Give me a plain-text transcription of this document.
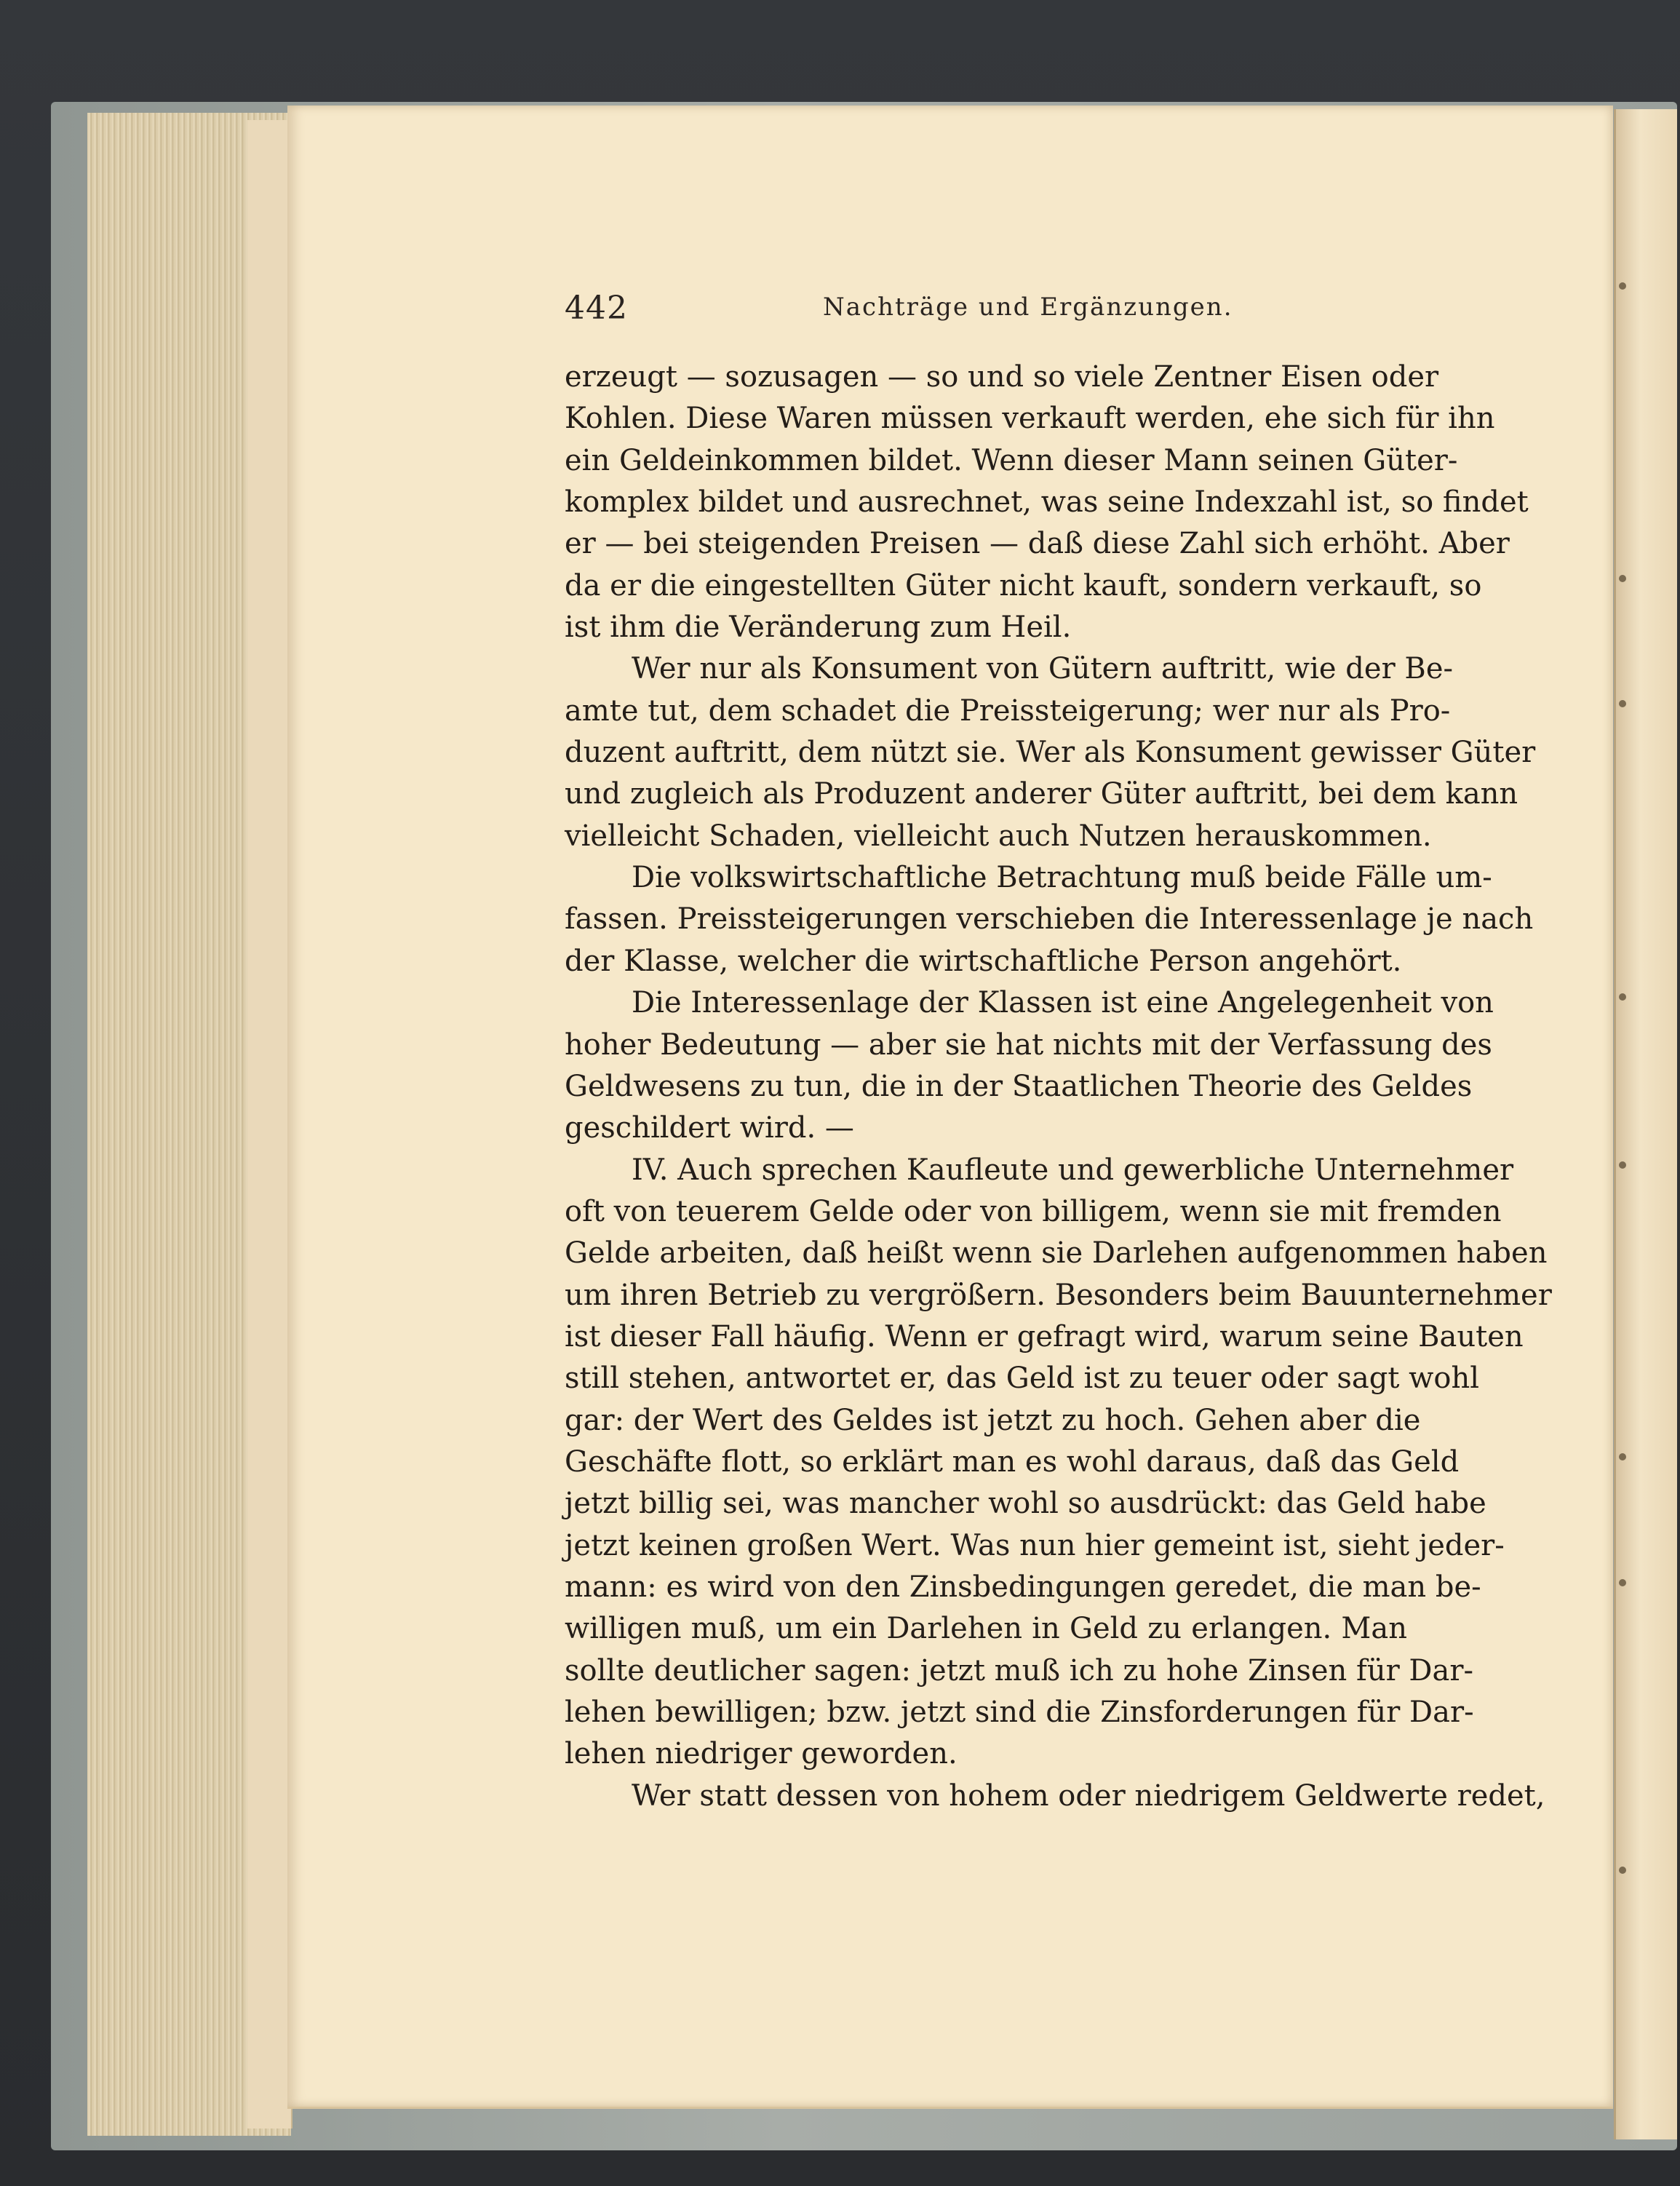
442	Nachträge und Ergänzungen.
erzeugt — sozusagen — so und so viele Zentner Eisen oder
Kohlen. Diese Waren müssen verkauft werden, ehe sich für ihn
ein Geldeinkommen bildet. Wenn dieser Mann seinen Güter-
komplex bildet und ausrechnet, was seine Indexzahl ist, so findet
er — bei steigenden Preisen — daß diese Zahl sich erhöht. Aber
da er die eingestellten Güter nicht kauft, sondern verkauft, so
ist ihm die Veränderung zum Heil.
Wer nur als Konsument von Gütern auftritt, wie der Be-
amte tut, dem schadet die Preissteigerung; wer nur als Pro-
duzent auftritt, dem nützt sie. Wer als Konsument gewisser Güter
und zugleich als Produzent anderer Güter auftritt, bei dem kann
vielleicht Schaden, vielleicht auch Nutzen herauskommen.
Die volkswirtschaftliche Betrachtung muß beide Fälle um-
fassen. Preissteigerungen verschieben die Interessenlage je nach
der Klasse, welcher die wirtschaftliche Person angehört.
Die Interessenlage der Klassen ist eine Angelegenheit von
hoher Bedeutung — aber sie hat nichts mit der Verfassung des
Geldwesens zu tun, die in der Staatlichen Theorie des Geldes
geschildert wird. —
IV. Auch sprechen Kaufleute und gewerbliche Unternehmer
oft von teuerem Gelde oder von billigem, wenn sie mit fremden
Gelde arbeiten, daß heißt wenn sie Darlehen aufgenommen haben
um ihren Betrieb zu vergrößern. Besonders beim Bauunternehmer
ist dieser Fall häufig. Wenn er gefragt wird, warum seine Bauten
still stehen, antwortet er, das Geld ist zu teuer oder sagt wohl
gar: der Wert des Geldes ist jetzt zu hoch. Gehen aber die
Geschäfte flott, so erklärt man es wohl daraus, daß das Geld
jetzt billig sei, was mancher wohl so ausdrückt: das Geld habe
jetzt keinen großen Wert. Was nun hier gemeint ist, sieht jeder-
mann: es wird von den Zinsbedingungen geredet, die man be-
willigen muß, um ein Darlehen in Geld zu erlangen. Man
sollte deutlicher sagen: jetzt muß ich zu hohe Zinsen für Dar-
lehen bewilligen; bzw. jetzt sind die Zinsforderungen für Dar-
lehen niedriger geworden.
Wer statt dessen von hohem oder niedrigem Geldwerte redet,
